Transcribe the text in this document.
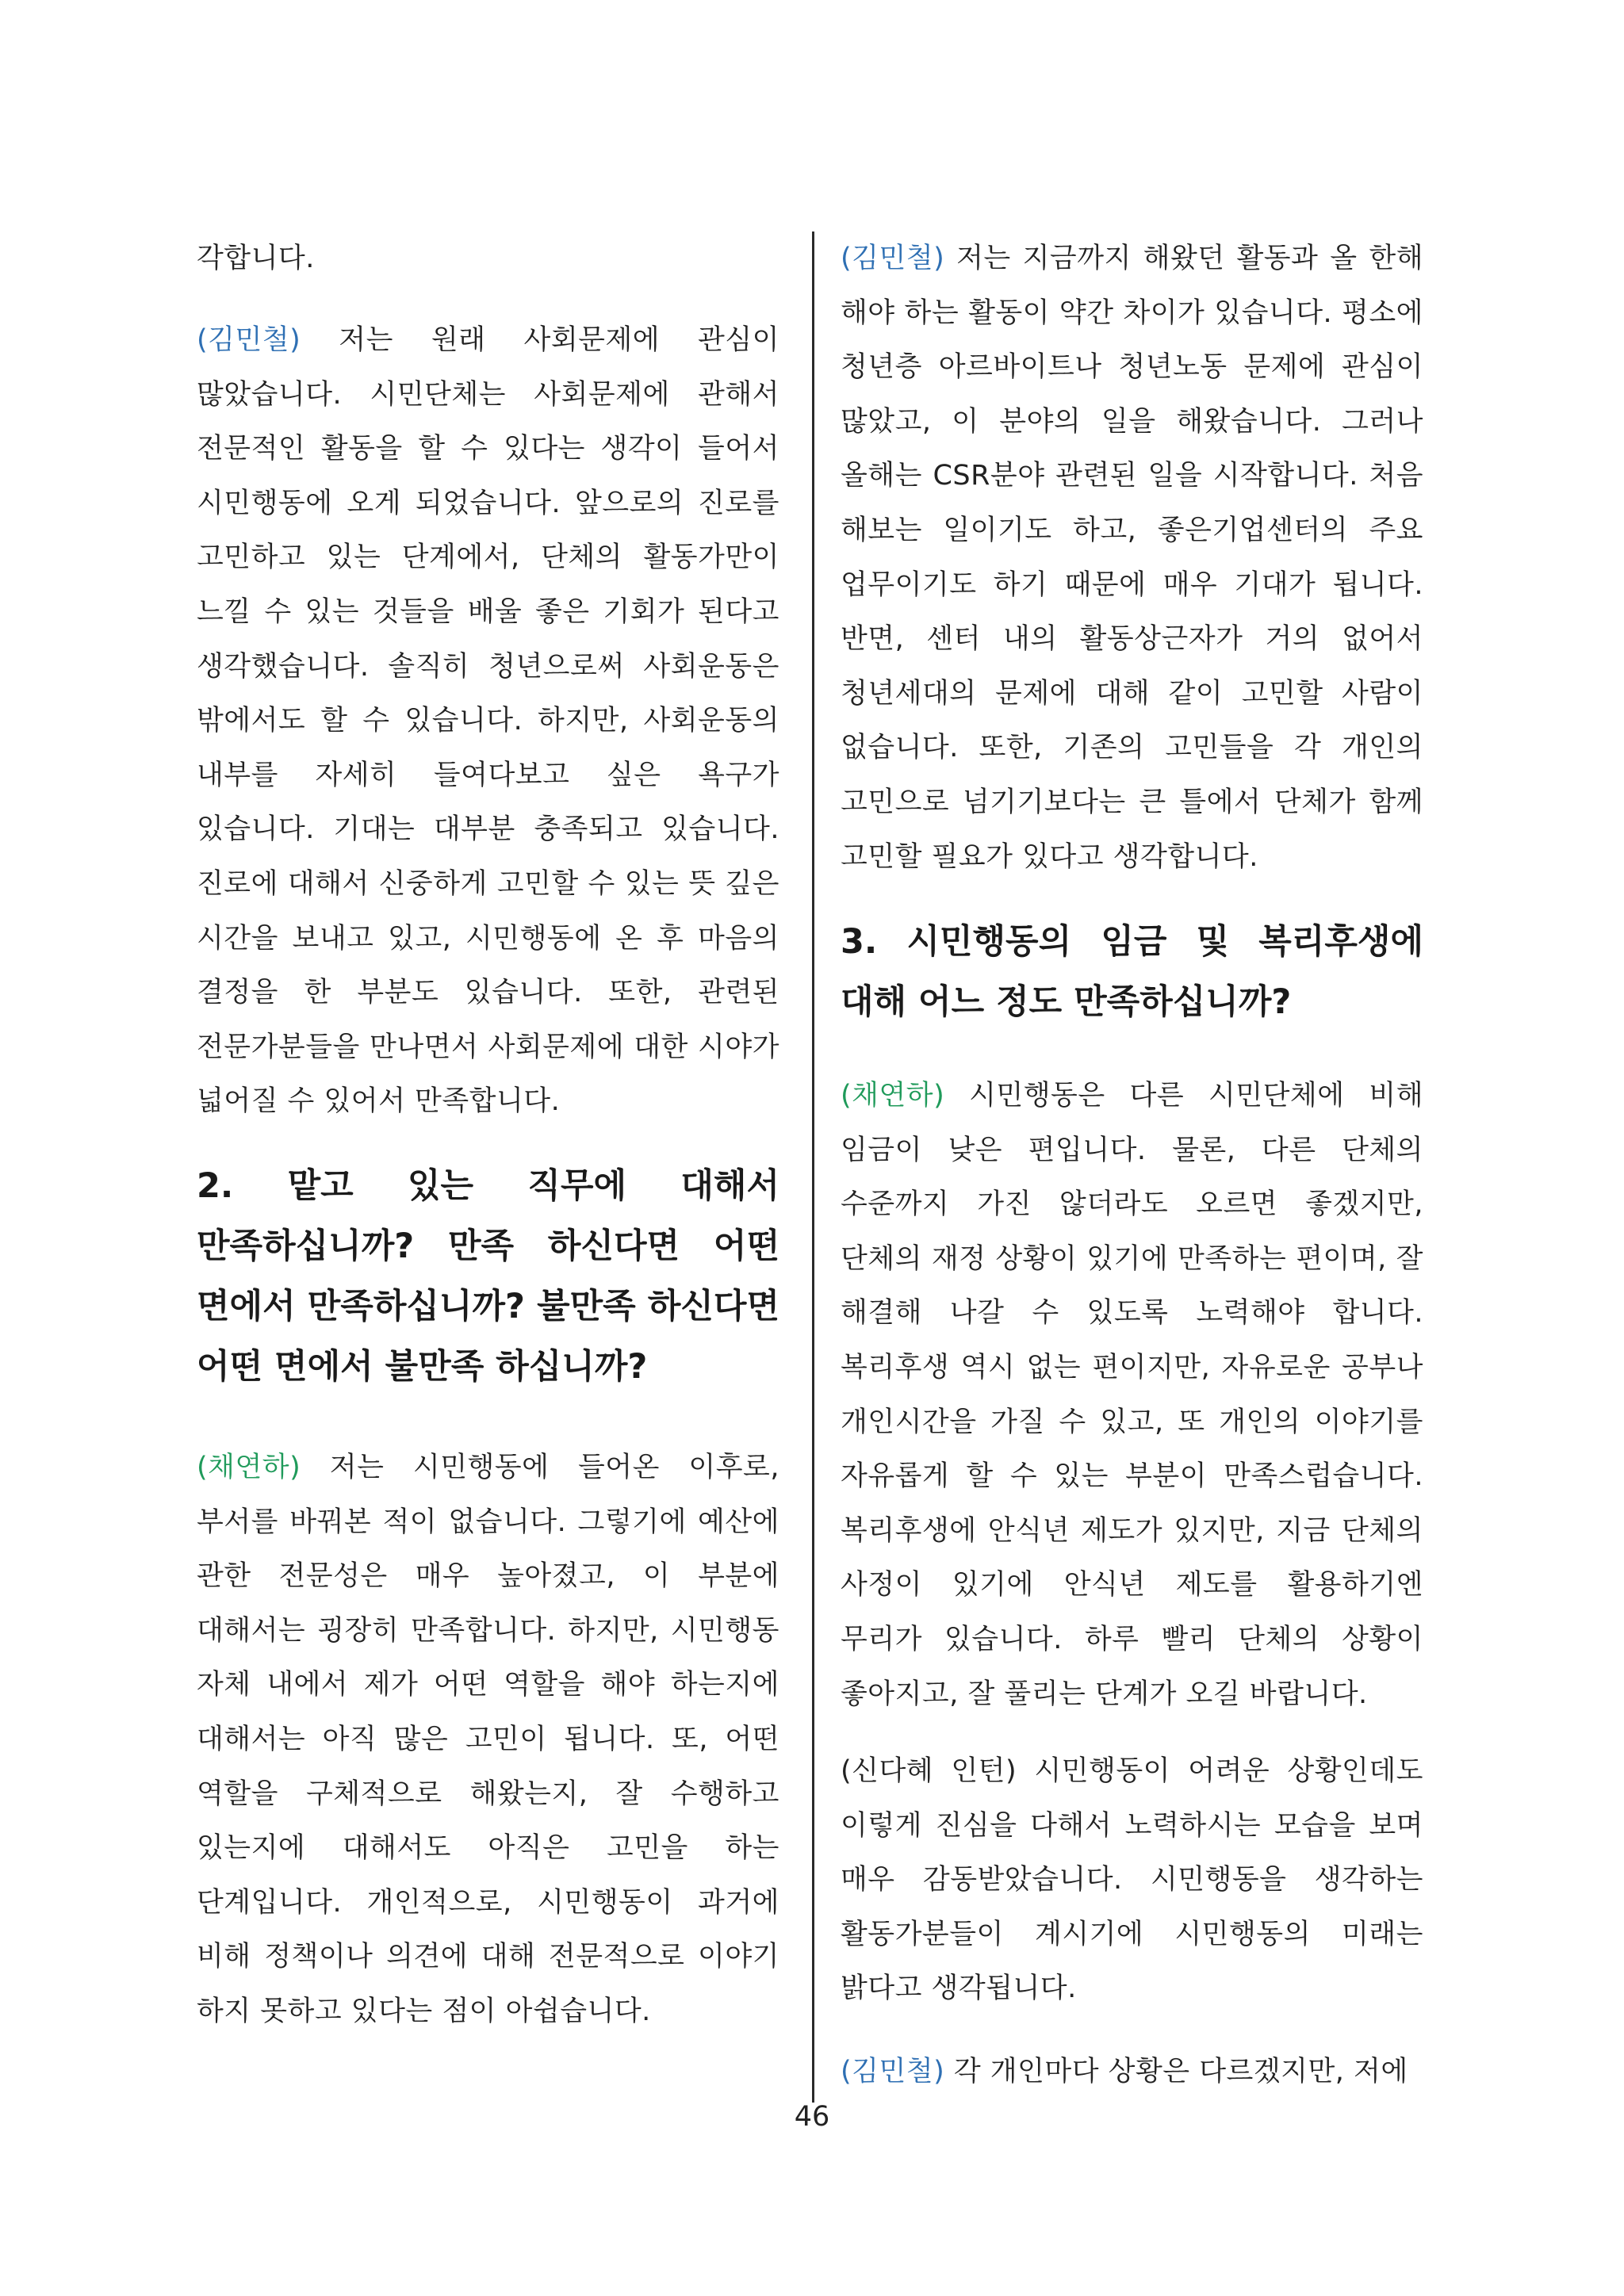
각합니다.

(김민철) 저는 원래 사회문제에 관심이 많았습니다. 시민단체는 사회문제에 관해서 전문적인 활동을 할 수 있다는 생각이 들어서 시민행동에 오게 되었습니다. 앞으로의 진로를 고민하고 있는 단계에서, 단체의 활동가만이 느낄 수 있는 것들을 배울 좋은 기회가 된다고 생각했습니다. 솔직히 청년으로써 사회운동은 밖에서도 할 수 있습니다. 하지만, 사회운동의 내부를 자세히 들여다보고 싶은 욕구가 있습니다. 기대는 대부분 충족되고 있습니다. 진로에 대해서 신중하게 고민할 수 있는 뜻 깊은 시간을 보내고 있고, 시민행동에 온 후 마음의 결정을 한 부분도 있습니다. 또한, 관련된 전문가분들을 만나면서 사회문제에 대한 시야가 넓어질 수 있어서 만족합니다.

2. 맡고 있는 직무에 대해서 만족하십니까? 만족 하신다면 어떤 면에서 만족하십니까? 불만족 하신다면 어떤 면에서 불만족 하십니까?

(채연하) 저는 시민행동에 들어온 이후로, 부서를 바꿔본 적이 없습니다. 그렇기에 예산에 관한 전문성은 매우 높아졌고, 이 부분에 대해서는 굉장히 만족합니다. 하지만, 시민행동 자체 내에서 제가 어떤 역할을 해야 하는지에 대해서는 아직 많은 고민이 됩니다. 또, 어떤 역할을 구체적으로 해왔는지, 잘 수행하고 있는지에 대해서도 아직은 고민을 하는 단계입니다. 개인적으로, 시민행동이 과거에 비해 정책이나 의견에 대해 전문적으로 이야기 하지 못하고 있다는 점이 아쉽습니다.

(김민철) 저는 지금까지 해왔던 활동과 올 한해 해야 하는 활동이 약간 차이가 있습니다. 평소에 청년층 아르바이트나 청년노동 문제에 관심이 많았고, 이 분야의 일을 해왔습니다. 그러나 올해는 CSR분야 관련된 일을 시작합니다. 처음 해보는 일이기도 하고, 좋은기업센터의 주요 업무이기도 하기 때문에 매우 기대가 됩니다. 반면, 센터 내의 활동상근자가 거의 없어서 청년세대의 문제에 대해 같이 고민할 사람이 없습니다. 또한, 기존의 고민들을 각 개인의 고민으로 넘기기보다는 큰 틀에서 단체가 함께 고민할 필요가 있다고 생각합니다.

3. 시민행동의 임금 및 복리후생에 대해 어느 정도 만족하십니까?

(채연하) 시민행동은 다른 시민단체에 비해 임금이 낮은 편입니다. 물론, 다른 단체의 수준까지 가진 않더라도 오르면 좋겠지만, 단체의 재정 상황이 있기에 만족하는 편이며, 잘 해결해 나갈 수 있도록 노력해야 합니다. 복리후생 역시 없는 편이지만, 자유로운 공부나 개인시간을 가질 수 있고, 또 개인의 이야기를 자유롭게 할 수 있는 부분이 만족스럽습니다. 복리후생에 안식년 제도가 있지만, 지금 단체의 사정이 있기에 안식년 제도를 활용하기엔 무리가 있습니다. 하루 빨리 단체의 상황이 좋아지고, 잘 풀리는 단계가 오길 바랍니다.

(신다혜 인턴) 시민행동이 어려운 상황인데도 이렇게 진심을 다해서 노력하시는 모습을 보며 매우 감동받았습니다. 시민행동을 생각하는 활동가분들이 계시기에 시민행동의 미래는 밝다고 생각됩니다.

(김민철) 각 개인마다 상황은 다르겠지만, 저에

46
